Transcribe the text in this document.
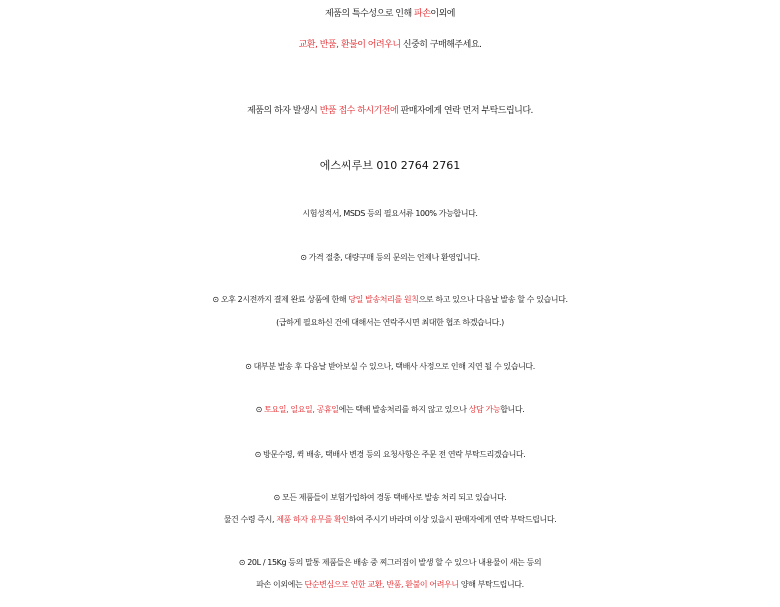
제품의 특수성으로 인해 파손이외에
교환, 반품, 환불이 어려우니 신중히 구매해주세요.
제품의 하자 발생시 반품 접수 하시기전에 판매자에게 연락 먼저 부탁드립니다.
에스씨루브 010 2764 2761
시험성적서, MSDS 등의 필요서류 100% 가능합니다.
⊙ 가격 절충, 대량구매 등의 문의는 언제나 환영입니다.
⊙ 오후 2시전까지 결제 완료 상품에 한해 당일 발송처리를 원칙으로 하고 있으나 다음날 발송 할 수 있습니다.
(급하게 필요하신 건에 대해서는 연락주시면 최대한 협조 하겠습니다.)
⊙ 대부분 발송 후 다음날 받아보실 수 있으나, 택배사 사정으로 인해 지연 될 수 있습니다.
⊙ 토요일, 일요일, 공휴일에는 택배 발송처리를 하지 않고 있으나 상담 가능합니다.
⊙ 방문수령, 퀵 배송, 택배사 변경 등의 요청사항은 주문 전 연락 부탁드리겠습니다.
⊙ 모든 제품들이 보험가입하여 경동 택배사로 발송 처리 되고 있습니다.
물건 수령 즉시, 제품 하자 유무를 확인하여 주시기 바라며 이상 있을시 판매자에게 연락 부탁드립니다.
⊙ 20L / 15Kg 등의 말통 제품들은 배송 중 찌그러짐이 발생 할 수 있으나 내용물이 새는 등의
파손 이외에는 단순변심으로 인한 교환, 반품, 환불이 어려우니 양해 부탁드립니다.
